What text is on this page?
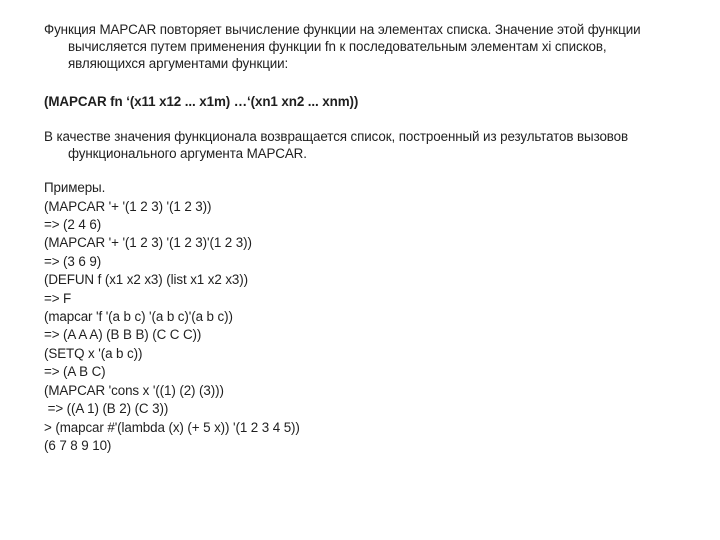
Функция MAPCAR повторяет вычисление функции на элементах списка. Значение этой функции вычисляется путем применения функции fn к последовательным элементам xi списков, являющихся аргументами функции:

(MAPCAR fn ‘(x11 x12 ... x1m) …‘(xn1 xn2 ... xnm))

В качестве значения функционала возвращается список, построенный из результатов вызовов функционального аргумента MAPCAR.

Примеры.

(MAPCAR '+ '(1 2 3) '(1 2 3))

=> (2 4 6)

(MAPCAR '+ '(1 2 3) '(1 2 3)'(1 2 3))

=> (3 6 9)

(DEFUN f (x1 x2 x3) (list x1 x2 x3))

=> F

(mapcar 'f '(a b c) '(a b c)'(a b c))

=> (A A A) (B B B) (C C C))

(SETQ x '(a b c))

=> (A B C)

(MAPCAR 'cons x '((1) (2) (3)))

=> ((A 1) (B 2) (C 3))

> (mapcar #'(lambda (x) (+ 5 x)) '(1 2 3 4 5))

(6 7 8 9 10)
